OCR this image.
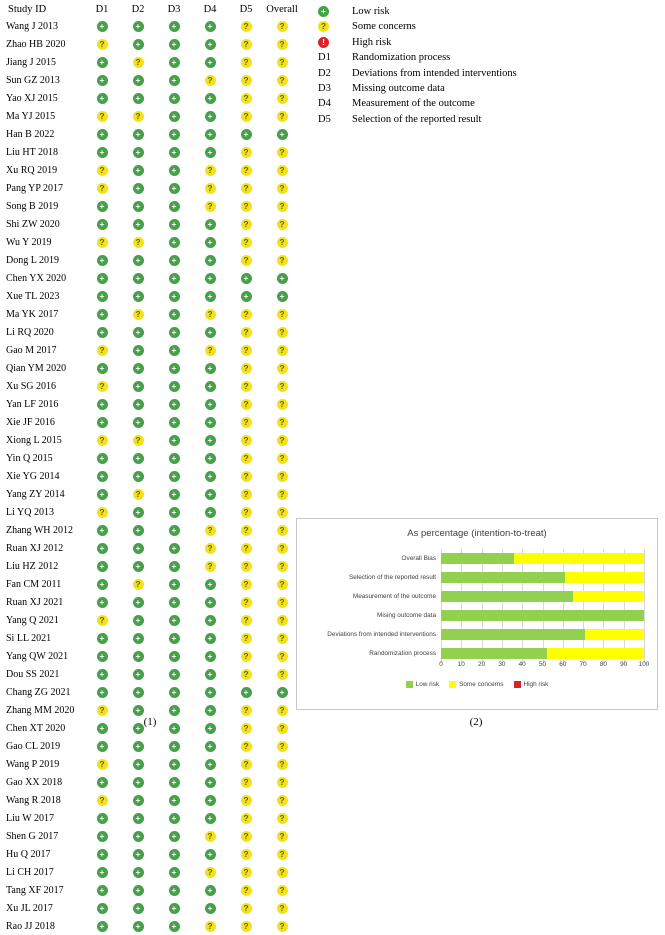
Study ID	D1	D2	D3	D4	D5	Overall
Wang J 2013	+	+	+	+	?	?

Zhao HB 2020	?	+	+	+	?	?

Jiang J 2015	+	?	+	+	?	?

Sun GZ 2013	+	+	+	?	?	?

Yao XJ 2015	+	+	+	+	?	?

Ma YJ 2015	?	?	+	+	?	?

Han B 2022	+	+	+	+	+	+

Liu HT 2018	+	+	+	+	?	?

Xu RQ 2019	?	+	+	?	?	?

Pang YP 2017	?	+	+	?	?	?

Song B 2019	+	+	+	?	?	?

Shi ZW 2020	+	+	+	+	?	?

Wu Y 2019	?	?	+	+	?	?

Dong L 2019	+	+	+	+	?	?

Chen YX 2020	+	+	+	+	+	+

Xue TL 2023	+	+	+	+	+	+

Ma YK 2017	+	?	+	?	?	?

Li RQ 2020	+	+	+	+	?	?

Gao M 2017	?	+	+	?	?	?

Qian YM 2020	+	+	+	+	?	?

Xu SG 2016	?	+	+	+	?	?

Yan LF 2016	+	+	+	+	?	?

Xie JF 2016	+	+	+	+	?	?

Xiong L 2015	?	?	+	+	?	?

Yin Q 2015	+	+	+	+	?	?

Xie YG 2014	+	+	+	+	?	?

Yang ZY 2014	+	?	+	+	?	?

Li YQ 2013	?	+	+	+	?	?

Zhang WH 2012	+	+	+	?	?	?

Ruan XJ 2012	+	+	+	?	?	?

Liu HZ 2012	+	+	+	?	?	?

Fan CM 2011	+	?	+	+	?	?

Ruan XJ 2021	+	+	+	+	?	?

Yang Q 2021	?	+	+	+	?	?

Si LL 2021	+	+	+	+	?	?

Yang QW 2021	+	+	+	+	?	?

Dou SS 2021	+	+	+	+	?	?

Chang ZG 2021	+	+	+	+	+	+

Zhang MM 2020	?	+	+	+	?	?

Chen XT 2020	+	+	+	+	?	?

Gao CL 2019	+	+	+	+	?	?

Wang P 2019	?	+	+	+	?	?

Gao XX 2018	+	+	+	+	?	?

Wang R 2018	?	+	+	+	?	?

Liu W 2017	+	+	+	+	?	?

Shen G 2017	+	+	+	?	?	?

Hu Q 2017	+	+	+	+	?	?

Li CH 2017	+	+	+	?	?	?

Tang XF 2017	+	+	+	+	?	?

Xu JL 2017	+	+	+	+	?	?

Rao JJ 2018	+	+	+	?	?	?
+ Low risk
? Some concerns
!	High risk
D1	Randomization process
D2	Deviations from intended interventions
D3	Missing outcome data
D4	Measurement of the outcome
D5	Selection of the reported result
As percentage (intention-to-treat)
Overall Bias
Selection of the reported result
Measurement of the outcome
Mising outcome data
Deviations from intended interventions
Randomization process
0 10 20 30 40 50 60 70 80 90 100
Low risk	Some concerns	High risk
(1)	(2)
